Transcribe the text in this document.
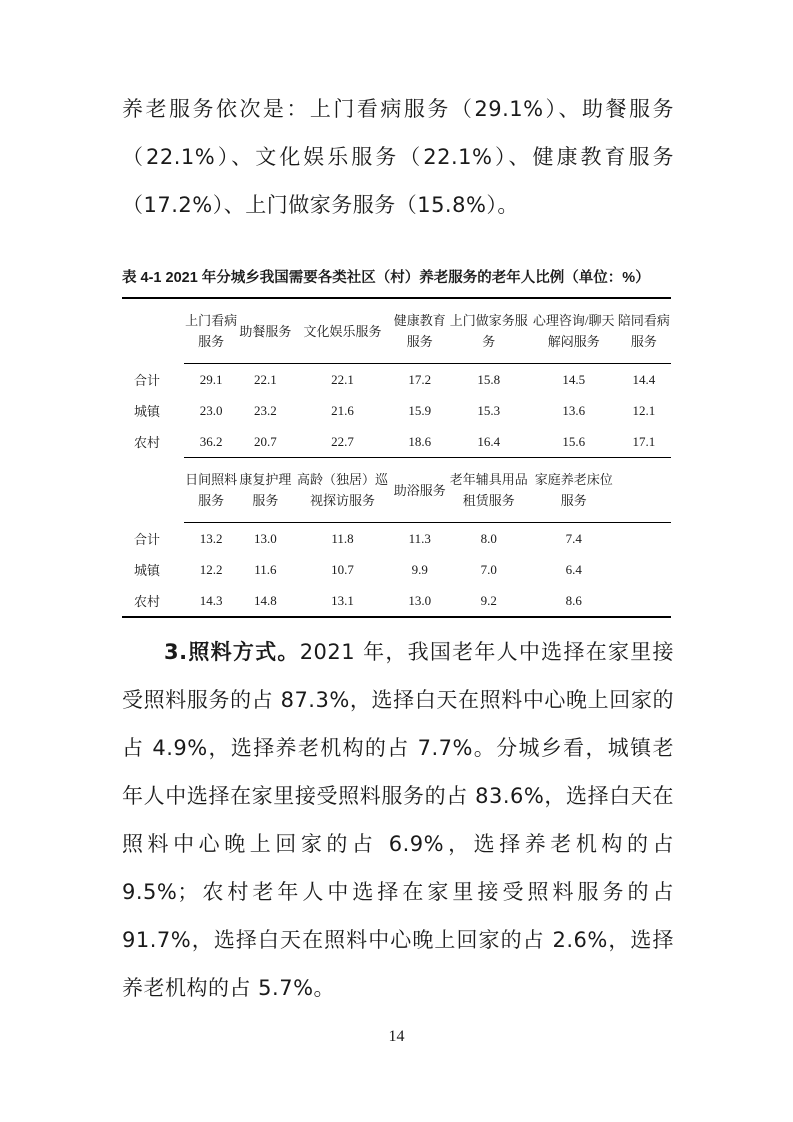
养老服务依次是：上门看病服务（29.1%）、助餐服务（22.1%）、文化娱乐服务（22.1%）、健康教育服务（17.2%）、上门做家务服务（15.8%）。

表 4-1 2021 年分城乡我国需要各类社区（村）养老服务的老年人比例（单位：%）

	上门看病服务	助餐服务	文化娱乐服务	健康教育服务	上门做家务服务	心理咨询/聊天解闷服务	陪同看病服务
合计	29.1	22.1	22.1	17.2	15.8	14.5	14.4
城镇	23.0	23.2	21.6	15.9	15.3	13.6	12.1
农村	36.2	20.7	22.7	18.6	16.4	15.6	17.1
	日间照料服务	康复护理服务	高龄（独居）巡视探访服务	助浴服务	老年辅具用品租赁服务	家庭养老床位服务	
合计	13.2	13.0	11.8	11.3	8.0	7.4	
城镇	12.2	11.6	10.7	9.9	7.0	6.4	
农村	14.3	14.8	13.1	13.0	9.2	8.6	

3.照料方式。2021 年，我国老年人中选择在家里接受照料服务的占 87.3%，选择白天在照料中心晚上回家的占 4.9%，选择养老机构的占 7.7%。分城乡看，城镇老年人中选择在家里接受照料服务的占 83.6%，选择白天在照料中心晚上回家的占 6.9%，选择养老机构的占 9.5%；农村老年人中选择在家里接受照料服务的占 91.7%，选择白天在照料中心晚上回家的占 2.6%，选择养老机构的占 5.7%。

14
